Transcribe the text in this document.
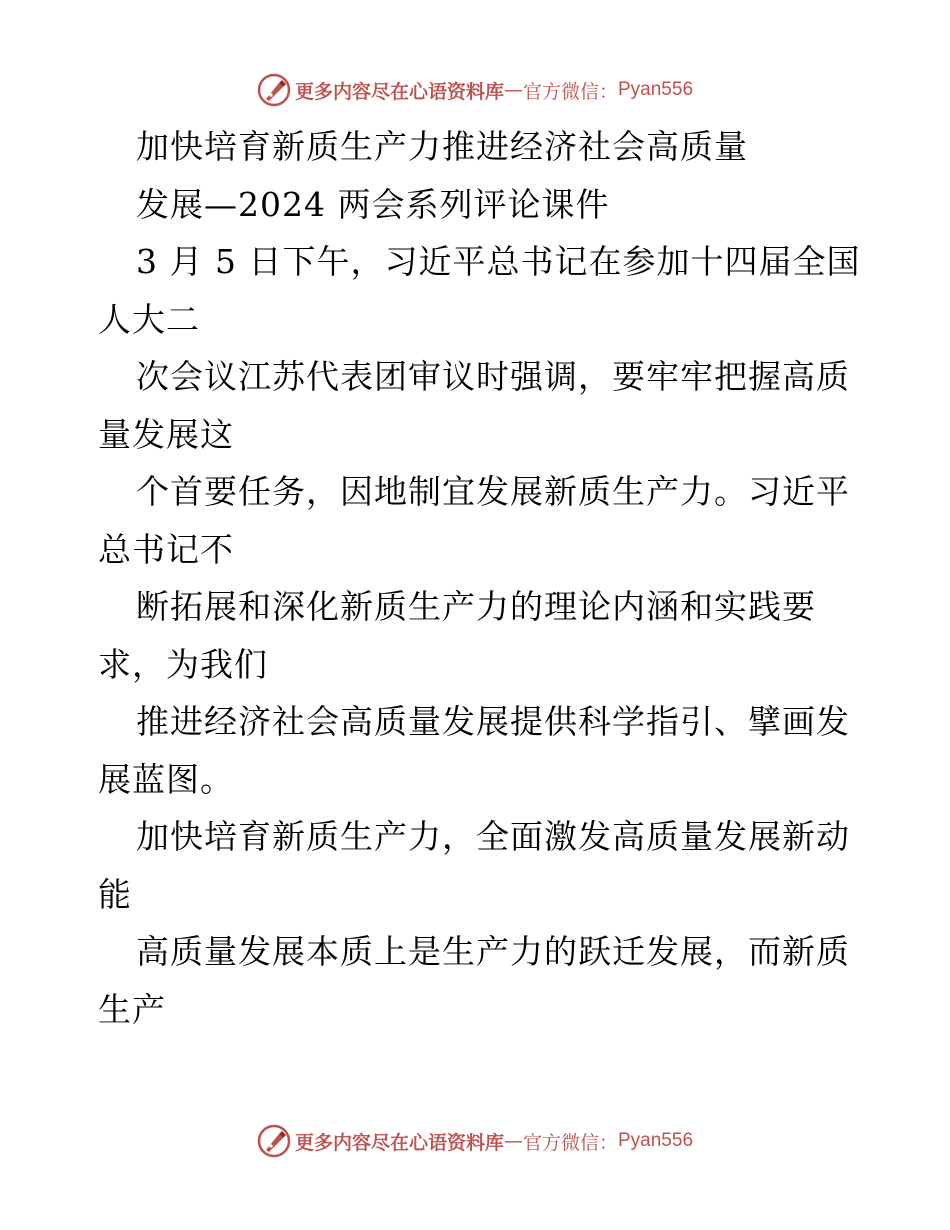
更多内容尽在心语资料库 — 官方微信： Pyan556
加快培育新质生产力推进经济社会高质量
发展—2024 两会系列评论课件
3 月 5 日下午，习近平总书记在参加十四届全国
人大二
次会议江苏代表团审议时强调，要牢牢把握高质
量发展这
个首要任务，因地制宜发展新质生产力。习近平
总书记不
断拓展和深化新质生产力的理论内涵和实践要
求，为我们
推进经济社会高质量发展提供科学指引、擘画发
展蓝图。
加快培育新质生产力，全面激发高质量发展新动
能
高质量发展本质上是生产力的跃迁发展，而新质
生产
更多内容尽在心语资料库 — 官方微信： Pyan556
